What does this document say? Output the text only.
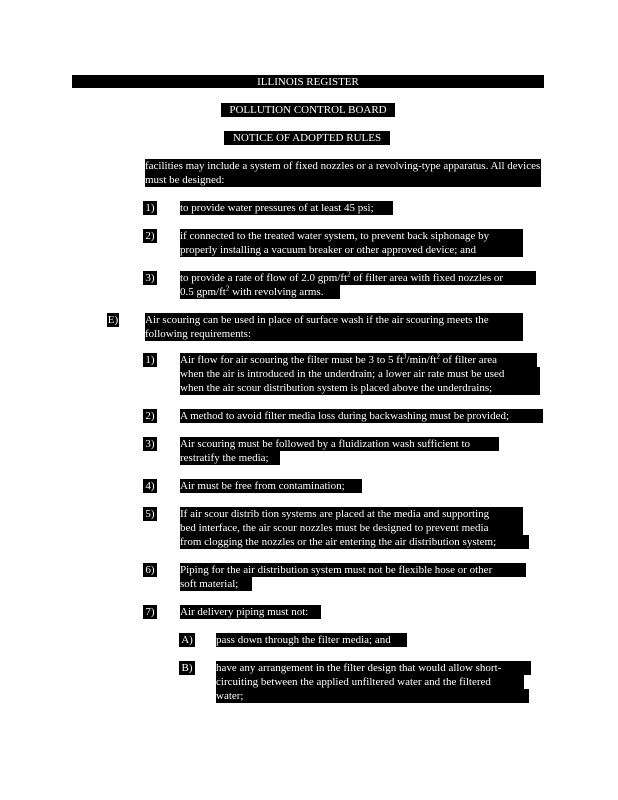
ILLINOIS REGISTER
POLLUTION CONTROL BOARD
NOTICE OF ADOPTED RULES
facilities may include a system of fixed nozzles or a revolving-type apparatus. All devices must be designed:
1) to provide water pressures of at least 45 psi;
2) if connected to the treated water system, to prevent back siphonage by properly installing a vacuum breaker or other approved device; and
3) to provide a rate of flow of 2.0 gpm/$ft^2$ of filter area with fixed nozzles or
0.5 gpm/$ft^2$ with revolving arms.
E) Air scouring can be used in place of surface wash if the air scouring meets the following requirements:
1) Air flow for air scouring the filter must be 3 to 5 $ft^3/\min/ft^2$ of filter area
when the air is introduced in the underdrain; a lower air rate must be used
when the air scour distribution system is placed above the underdrains;
2) A method to avoid filter media loss during backwashing must be provided;
3) Air scouring must be followed by a fluidization wash sufficient to
restratify the media;
4) Air must be free from contamination;
5) If air scour distrib tion systems are placed at the media and supporting
bed interface, the air scour nozzles must be designed to prevent media
from clogging the nozzles or the air entering the air distribution system;
6) Piping for the air distribution system must not be flexible hose or other
soft material;
7) Air delivery piping must not:
A) pass down through the filter media; and
B) have any arrangement in the filter design that would allow short-
circuiting between the applied unfiltered water and the filtered
water;
